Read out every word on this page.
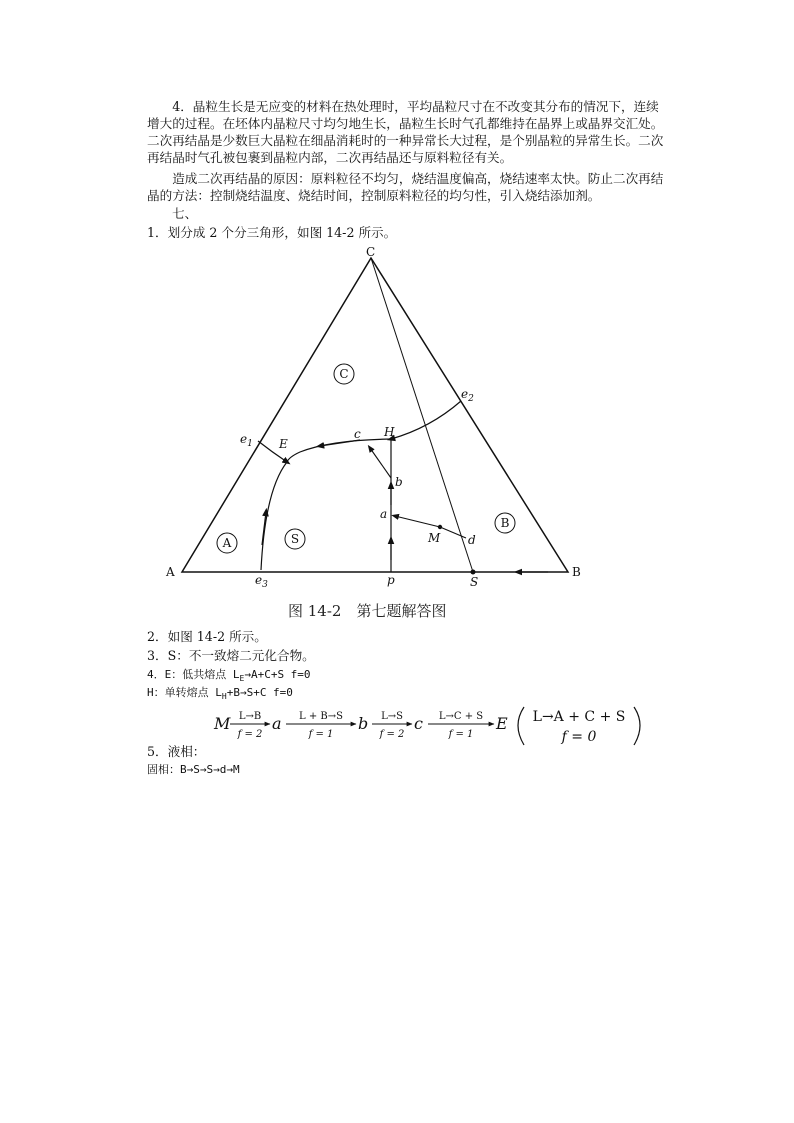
4．晶粒生长是无应变的材料在热处理时，平均晶粒尺寸在不改变其分布的情况下，连续增大的过程。在坯体内晶粒尺寸均匀地生长，晶粒生长时气孔都维持在晶界上或晶界交汇处。二次再结晶是少数巨大晶粒在细晶消耗时的一种异常长大过程，是个别晶粒的异常生长。二次再结晶时气孔被包裹到晶粒内部，二次再结晶还与原料粒径有关。

造成二次再结晶的原因：原料粒径不均匀，烧结温度偏高，烧结速率太快。防止二次再结晶的方法：控制烧结温度、烧结时间，控制原料粒径的均匀性，引入烧结添加剂。

七、
1．划分成 2 个分三角形，如图 14-2 所示。
C
A	S
B
C
A	B
$e_1$
$e_2$
$e_3$
E
H
c
b
a
M d
p	S
图 14-2　第七题解答图
2．如图 14-2 所示。
3．S：不一致熔二元化合物。
4．E：低共熔点 $L_E\to A+C+S$ f=0
H：单转熔点 $L_H+B\to S+C$ f=0
M L→B
f = 2
a L + B→S
f = 1
b L→S
f = 2
c L→C + S
f = 1
E L→A + C + S
f = 0
5．液相：
固相：B→S→S→d→M
